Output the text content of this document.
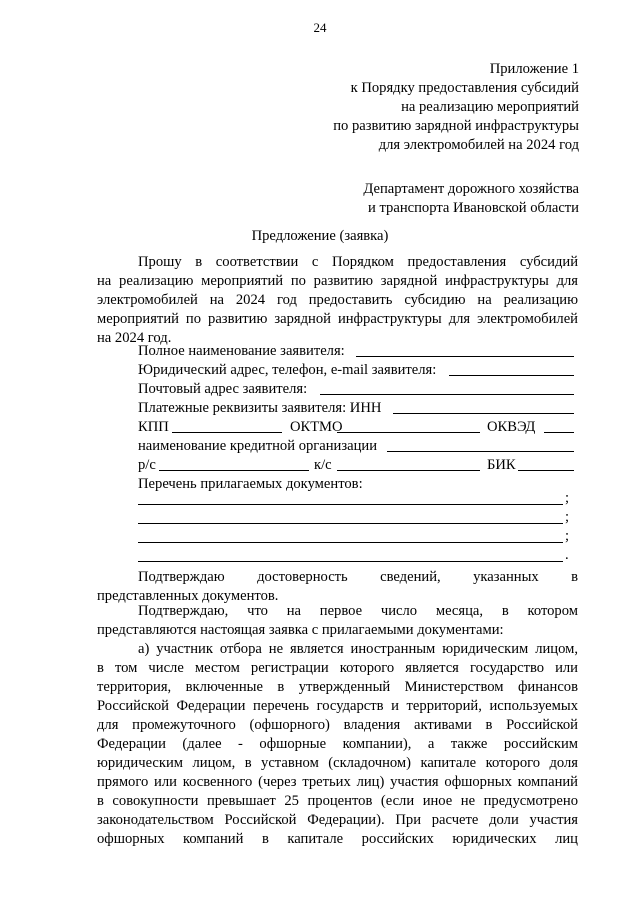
24
Приложение 1
к Порядку предоставления субсидий
на реализацию мероприятий
по развитию зарядной инфраструктуры
для электромобилей на 2024 год
Департамент дорожного хозяйства
и транспорта Ивановской области
Предложение (заявка)

Прошу в соответствии с Порядком предоставления субсидий

на реализацию мероприятий по развитию зарядной инфраструктуры для

электромобилей на 2024 год предоставить субсидию на реализацию

мероприятий по развитию зарядной инфраструктуры для электромобилей

на 2024 год.

Полное наименование заявителя:
Юридический адрес, телефон, e-mail заявителя:
Почтовый адрес заявителя:
Платежные реквизиты заявителя: ИНН
КПП	ОКТМО	ОКВЭД
наименование кредитной организации
р/с	к/с	БИК
Перечень прилагаемых документов:
;
;
;
.

Подтверждаю достоверность сведений, указанных в

представленных документов.

Подтверждаю, что на первое число месяца, в котором

представляются настоящая заявка с прилагаемыми документами:

а) участник отбора не является иностранным юридическим лицом,

в том числе местом регистрации которого является государство или

территория, включенные в утвержденный Министерством финансов

Российской Федерации перечень государств и территорий, используемых

для промежуточного (офшорного) владения активами в Российской

Федерации (далее - офшорные компании), а также российским

юридическим лицом, в уставном (складочном) капитале которого доля

прямого или косвенного (через третьих лиц) участия офшорных компаний

в совокупности превышает 25 процентов (если иное не предусмотрено

законодательством Российской Федерации). При расчете доли участия

офшорных компаний в капитале российских юридических лиц
